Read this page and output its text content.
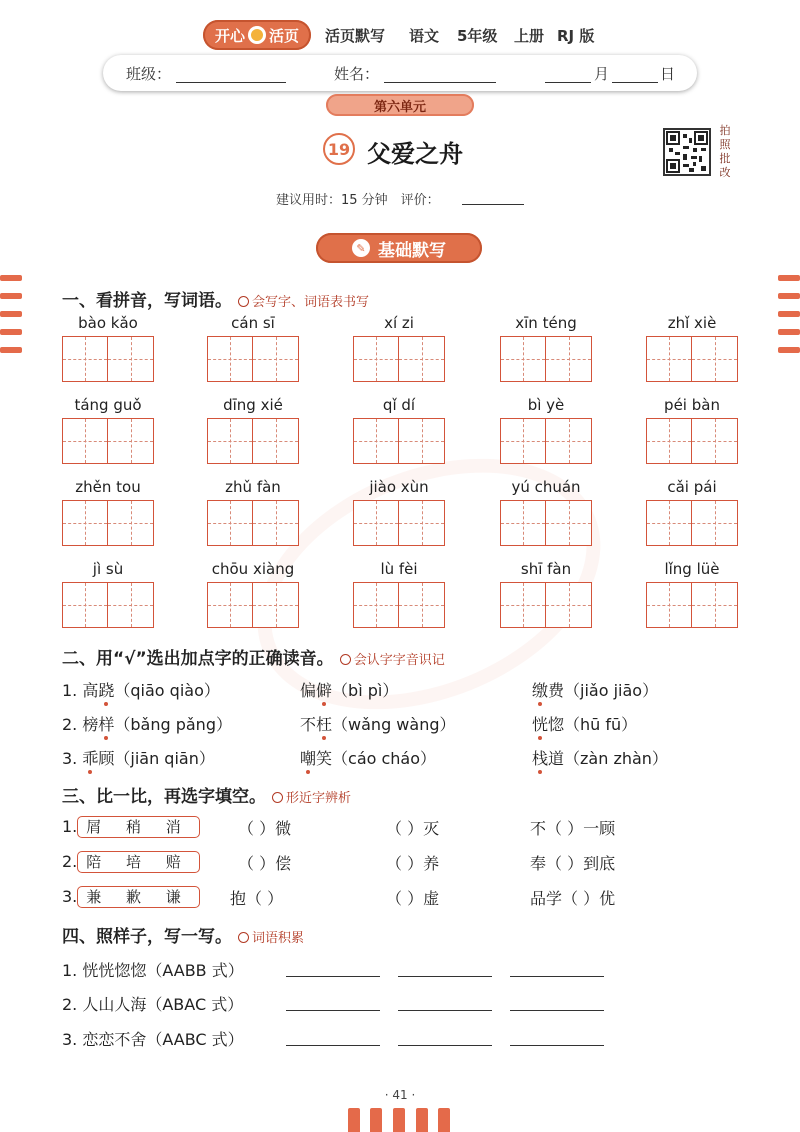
开心 活页 活页默写 语文 5年级 上册 RJ 版
班级：	姓名：	月	日
第六单元
19 父爱之舟
拍
照
批
改
建议用时：15 分钟　评价：
✎ 基础默写
一、看拼音，写词语。 会写字、词语表书写
bào kǎo	cán sī	xí zi	xīn téng	zhǐ xiè
táng guǒ	dīng xié	qǐ dí	bì yè	péi bàn
zhěn tou	zhǔ fàn	jiào xùn	yú chuán	cǎi pái
jì sù	chōu xiàng	lù fèi	shī fàn	lǐng lüè
二、用“√”选出加点字的正确读音。 会认字字音识记
1. 高跷（qiāo qiào）	偏僻（bì pì）	缴费（jiǎo jiāo）
2. 榜样（bǎng pǎng）	不枉（wǎng wàng）	恍惚（hū fū）
3. 乖顾（jiān qiān）	嘲笑（cáo cháo）	栈道（zàn zhàn）
三、比一比，再选字填空。 形近字辨析
1. 屑 稍 消	（ ）微	（ ）灭	不（ ）一顾
2. 陪 培 赔	（ ）偿	（ ）养	奉（ ）到底
3. 兼 歉 谦	抱（ ）	（ ）虚	品学（ ）优
四、照样子，写一写。 词语积累
1. 恍恍惚惚（AABB 式）
2. 人山人海（ABAC 式）
3. 恋恋不舍（AABC 式）
· 41 ·
